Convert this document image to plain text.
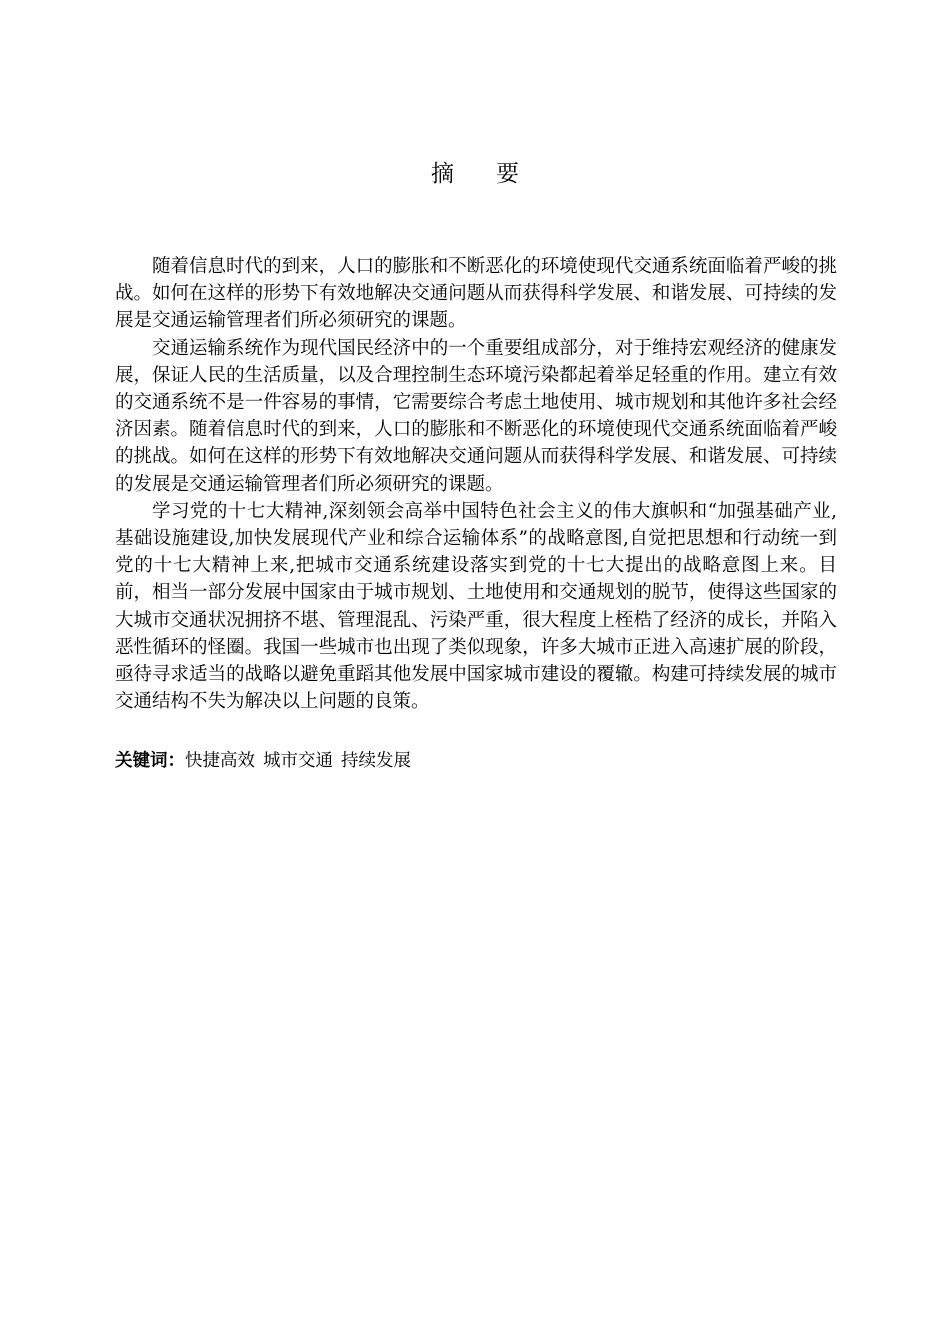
摘要

随着信息时代的到来，人口的膨胀和不断恶化的环境使现代交通系统面临着严峻的挑战。如何在这样的形势下有效地解决交通问题从而获得科学发展、和谐发展、可持续的发展是交通运输管理者们所必须研究的课题。

交通运输系统作为现代国民经济中的一个重要组成部分，对于维持宏观经济的健康发展，保证人民的生活质量，以及合理控制生态环境污染都起着举足轻重的作用。建立有效的交通系统不是一件容易的事情，它需要综合考虑土地使用、城市规划和其他许多社会经济因素。随着信息时代的到来，人口的膨胀和不断恶化的环境使现代交通系统面临着严峻的挑战。如何在这样的形势下有效地解决交通问题从而获得科学发展、和谐发展、可持续的发展是交通运输管理者们所必须研究的课题。

学习党的十七大精神,深刻领会高举中国特色社会主义的伟大旗帜和“加强基础产业,基础设施建设,加快发展现代产业和综合运输体系”的战略意图,自觉把思想和行动统一到党的十七大精神上来,把城市交通系统建设落实到党的十七大提出的战略意图上来。目前，相当一部分发展中国家由于城市规划、土地使用和交通规划的脱节，使得这些国家的大城市交通状况拥挤不堪、管理混乱、污染严重，很大程度上桎梏了经济的成长，并陷入恶性循环的怪圈。我国一些城市也出现了类似现象，许多大城市正进入高速扩展的阶段，亟待寻求适当的战略以避免重蹈其他发展中国家城市建设的覆辙。构建可持续发展的城市交通结构不失为解决以上问题的良策。

关键词：快捷高效 城市交通 持续发展
